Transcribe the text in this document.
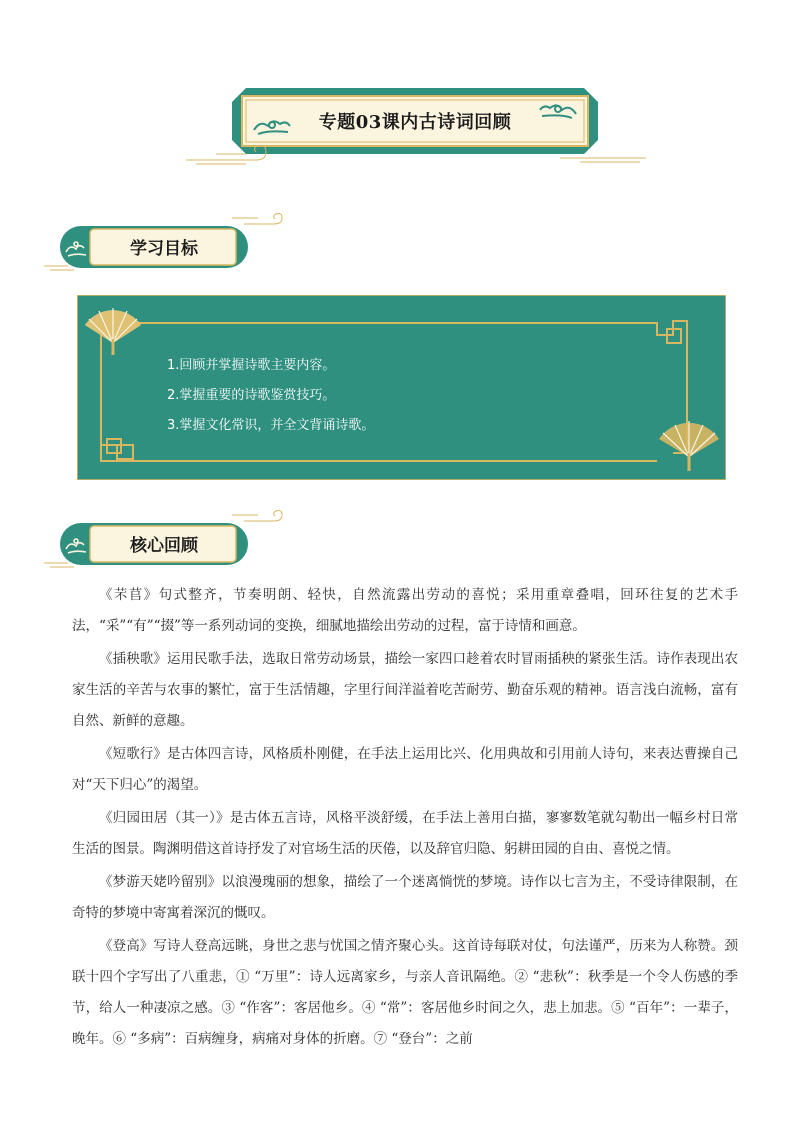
专题03课内古诗词回顾
学习目标
1.回顾并掌握诗歌主要内容。
2.掌握重要的诗歌鉴赏技巧。
3.掌握文化常识，并全文背诵诗歌。
核心回顾

《芣苢》句式整齐，节奏明朗、轻快，自然流露出劳动的喜悦；采用重章叠唱，回环往复的艺术手法，“采”“有”“掇”等一系列动词的变换，细腻地描绘出劳动的过程，富于诗情和画意。

《插秧歌》运用民歌手法，选取日常劳动场景，描绘一家四口趁着农时冒雨插秧的紧张生活。诗作表现出农家生活的辛苦与农事的繁忙，富于生活情趣，字里行间洋溢着吃苦耐劳、勤奋乐观的精神。语言浅白流畅，富有自然、新鲜的意趣。

《短歌行》是古体四言诗，风格质朴刚健，在手法上运用比兴、化用典故和引用前人诗句，来表达曹操自己对“天下归心”的渴望。

《归园田居（其一）》是古体五言诗，风格平淡舒缓，在手法上善用白描，寥寥数笔就勾勒出一幅乡村日常生活的图景。陶渊明借这首诗抒发了对官场生活的厌倦，以及辞官归隐、躬耕田园的自由、喜悦之情。

《梦游天姥吟留别》以浪漫瑰丽的想象，描绘了一个迷离惝恍的梦境。诗作以七言为主，不受诗律限制，在奇特的梦境中寄寓着深沉的慨叹。

《登高》写诗人登高远眺，身世之悲与忧国之情齐聚心头。这首诗每联对仗，句法谨严，历来为人称赞。颈联十四个字写出了八重悲，① “万里”：诗人远离家乡，与亲人音讯隔绝。② “悲秋”：秋季是一个令人伤感的季节，给人一种凄凉之感。③ “作客”：客居他乡。④ “常”：客居他乡时间之久，悲上加悲。⑤ “百年”：一辈子，晚年。⑥ “多病”：百病缠身，病痛对身体的折磨。⑦ “登台”：之前
